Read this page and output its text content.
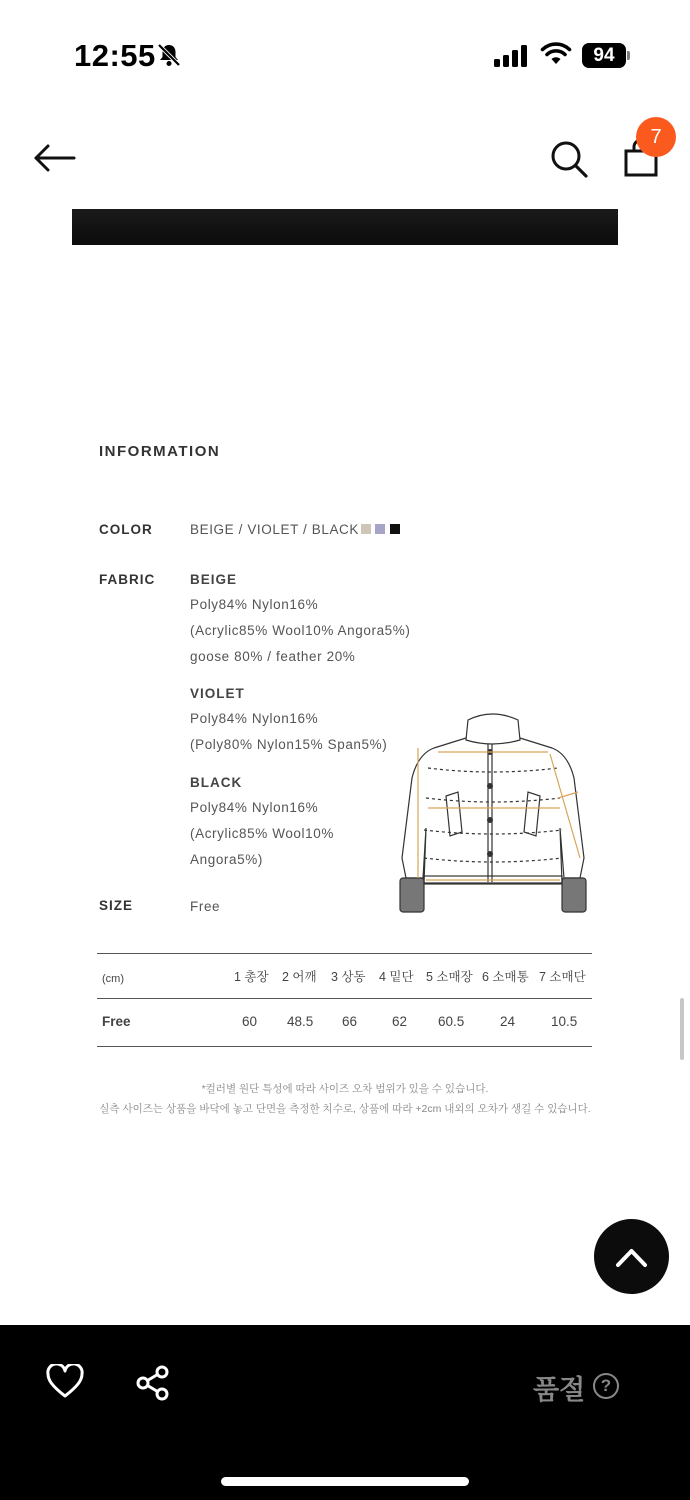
12:55	94
7
INFORMATION
COLOR	BEIGE / VIOLET / BLACK
FABRIC	BEIGE
Poly84% Nylon16%
(Acrylic85% Wool10% Angora5%)
goose 80% / feather 20%
VIOLET
Poly84% Nylon16%
(Poly80% Nylon15% Span5%)
BLACK
Poly84% Nylon16%
(Acrylic85% Wool10%
Angora5%)
SIZE	Free
(cm)	1 총장 2 어깨 3 상동 4 밑단 5 소매장 6 소매통 7 소매단
Free	60 48.5 66	62 60.5	24	10.5
*컬러별 원단 특성에 따라 사이즈 오차 범위가 있을 수 있습니다.
실측 사이즈는 상품을 바닥에 놓고 단면을 측정한 치수로, 상품에 따라 +2cm 내외의 오차가 생길 수 있습니다.
품절 ?
